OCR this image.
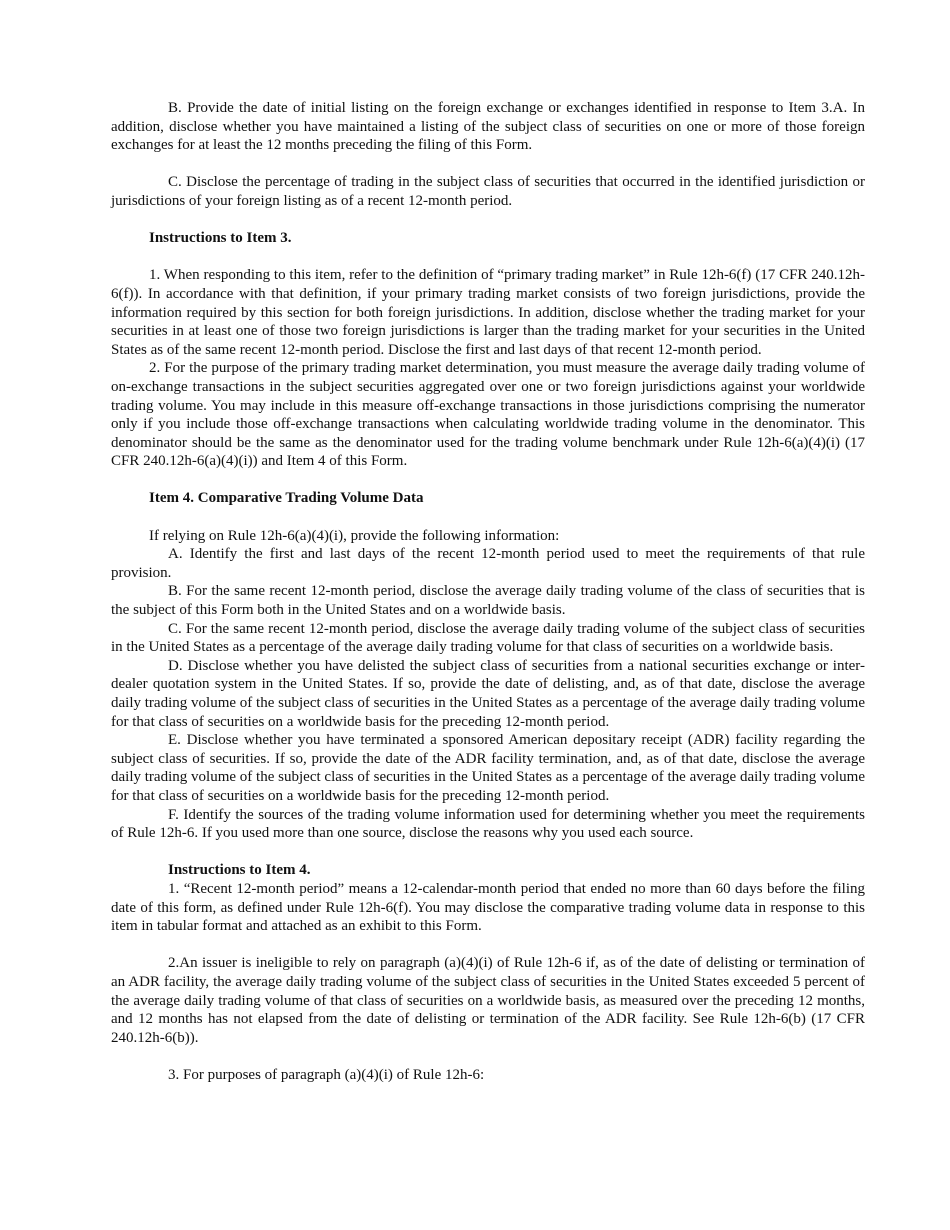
B. Provide the date of initial listing on the foreign exchange or exchanges identified in response to Item 3.A. In addition, disclose whether you have maintained a listing of the subject class of securities on one or more of those foreign exchanges for at least the 12 months preceding the filing of this Form.

C. Disclose the percentage of trading in the subject class of securities that occurred in the identified jurisdiction or jurisdictions of your foreign listing as of a recent 12-month period.

Instructions to Item 3.

1. When responding to this item, refer to the definition of “primary trading market” in Rule 12h-6(f) (17 CFR 240.12h-6(f)). In accordance with that definition, if your primary trading market consists of two foreign jurisdictions, provide the information required by this section for both foreign jurisdictions. In addition, disclose whether the trading market for your securities in at least one of those two foreign jurisdictions is larger than the trading market for your securities in the United States as of the same recent 12-month period. Disclose the first and last days of that recent 12-month period.

2. For the purpose of the primary trading market determination, you must measure the average daily trading volume of on-exchange transactions in the subject securities aggregated over one or two foreign jurisdictions against your worldwide trading volume. You may include in this measure off-exchange transactions in those jurisdictions comprising the numerator only if you include those off-exchange transactions when calculating worldwide trading volume in the denominator. This denominator should be the same as the denominator used for the trading volume benchmark under Rule 12h-6(a)(4)(i) (17 CFR 240.12h-6(a)(4)(i)) and Item 4 of this Form.

Item 4. Comparative Trading Volume Data

If relying on Rule 12h-6(a)(4)(i), provide the following information:

A. Identify the first and last days of the recent 12-month period used to meet the requirements of that rule provision.

B. For the same recent 12-month period, disclose the average daily trading volume of the class of securities that is the subject of this Form both in the United States and on a worldwide basis.

C. For the same recent 12-month period, disclose the average daily trading volume of the subject class of securities in the United States as a percentage of the average daily trading volume for that class of securities on a worldwide basis.

D. Disclose whether you have delisted the subject class of securities from a national securities exchange or inter-dealer quotation system in the United States. If so, provide the date of delisting, and, as of that date, disclose the average daily trading volume of the subject class of securities in the United States as a percentage of the average daily trading volume for that class of securities on a worldwide basis for the preceding 12-month period.

E. Disclose whether you have terminated a sponsored American depositary receipt (ADR) facility regarding the subject class of securities. If so, provide the date of the ADR facility termination, and, as of that date, disclose the average daily trading volume of the subject class of securities in the United States as a percentage of the average daily trading volume for that class of securities on a worldwide basis for the preceding 12-month period.

F. Identify the sources of the trading volume information used for determining whether you meet the requirements of Rule 12h-6. If you used more than one source, disclose the reasons why you used each source.

Instructions to Item 4.

1. “Recent 12-month period” means a 12-calendar-month period that ended no more than 60 days before the filing date of this form, as defined under Rule 12h-6(f). You may disclose the comparative trading volume data in response to this item in tabular format and attached as an exhibit to this Form.

2.An issuer is ineligible to rely on paragraph (a)(4)(i) of Rule 12h-6 if, as of the date of delisting or termination of an ADR facility, the average daily trading volume of the subject class of securities in the United States exceeded 5 percent of the average daily trading volume of that class of securities on a worldwide basis, as measured over the preceding 12 months, and 12 months has not elapsed from the date of delisting or termination of the ADR facility. See Rule 12h-6(b) (17 CFR 240.12h-6(b)).

3. For purposes of paragraph (a)(4)(i) of Rule 12h-6:
